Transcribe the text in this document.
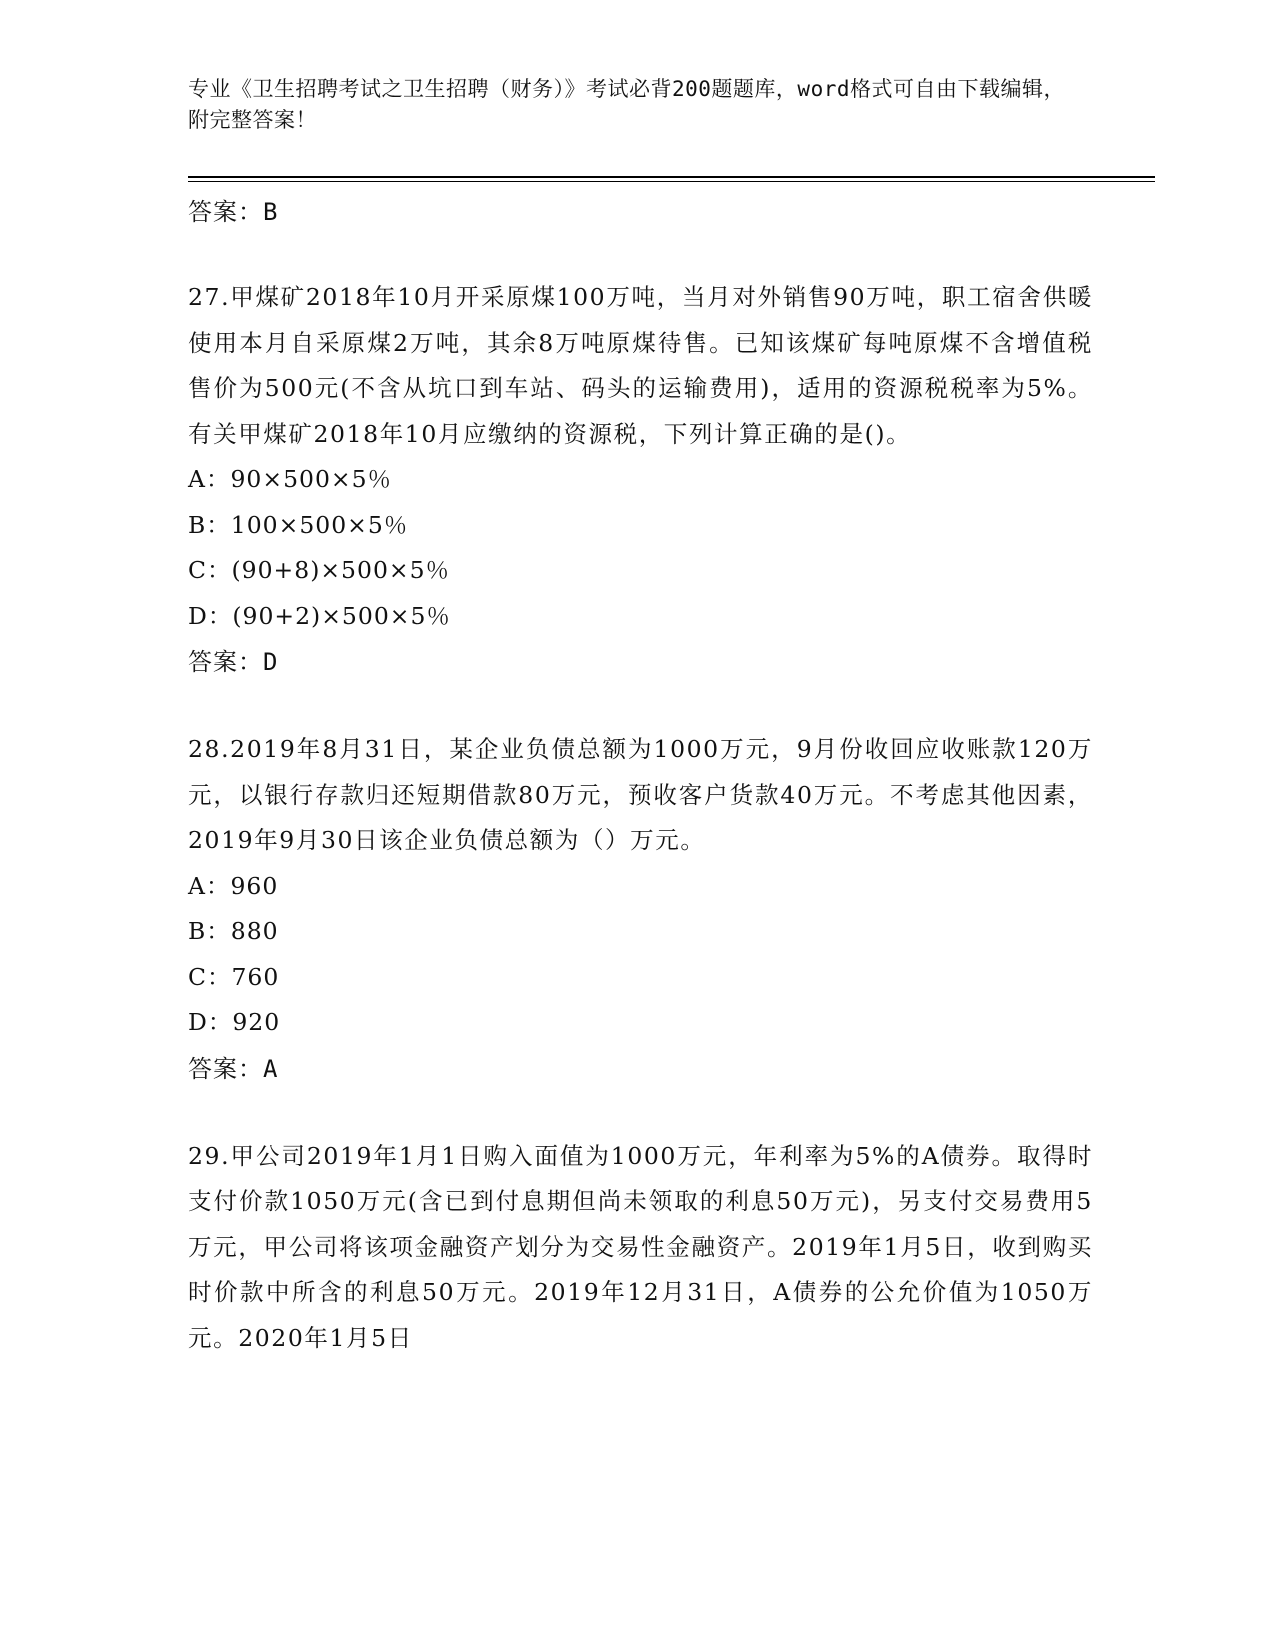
专业《卫生招聘考试之卫生招聘（财务）》考试必背200题题库，word格式可自由下载编辑，附完整答案！
答案：B
27.甲煤矿2018年10月开采原煤100万吨，当月对外销售90万吨，职工宿舍供暖使用本月自采原煤2万吨，其余8万吨原煤待售。已知该煤矿每吨原煤不含增值税售价为500元(不含从坑口到车站、码头的运输费用)，适用的资源税税率为5%。有关甲煤矿2018年10月应缴纳的资源税，下列计算正确的是()。
A：90×500×5％
B：100×500×5％
C：(90+8)×500×5％
D：(90+2)×500×5％
答案：D
28.2019年8月31日，某企业负债总额为1000万元，9月份收回应收账款120万元，以银行存款归还短期借款80万元，预收客户货款40万元。不考虑其他因素，2019年9月30日该企业负债总额为（）万元。
A：960
B：880
C：760
D：920
答案：A
29.甲公司2019年1月1日购入面值为1000万元，年利率为5%的A债券。取得时支付价款1050万元(含已到付息期但尚未领取的利息50万元)，另支付交易费用5万元，甲公司将该项金融资产划分为交易性金融资产。2019年1月5日，收到购买时价款中所含的利息50万元。2019年12月31日，A债券的公允价值为1050万元。2020年1月5日
